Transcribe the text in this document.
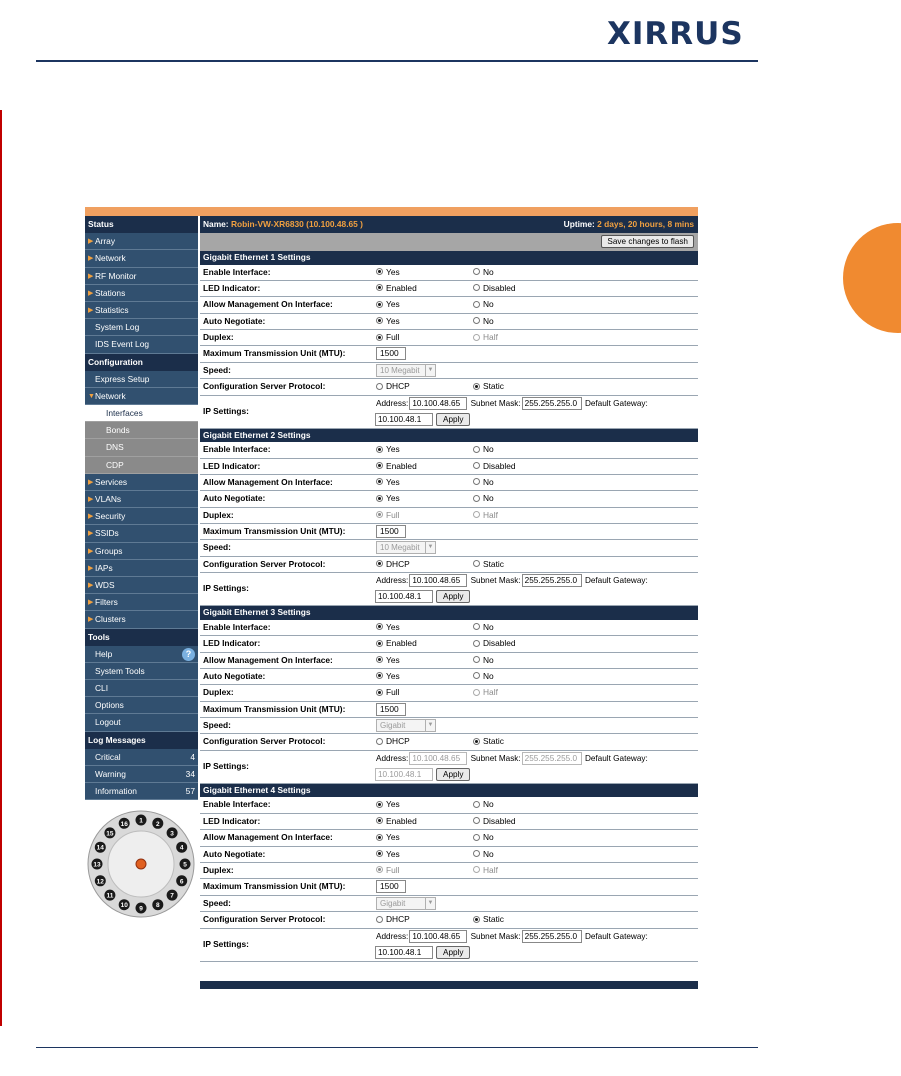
XIRRUS
Status
▶ Array
▶ Network
▶ RF Monitor
▶ Stations
▶ Statistics
System Log
IDS Event Log
Configuration
Express Setup
▼ Network
Interfaces
Bonds
DNS
CDP
▶ Services
▶ VLANs
▶ Security
▶ SSIDs
▶ Groups
▶ IAPs
▶ WDS
▶ Filters
▶ Clusters
Tools
Help	?
System Tools
CLI
Options
Logout
Log Messages
Critical	4
Warning	34
Information	57
1 2
3
4
5
6
7
8
9
10
11
12
13
14
15
16
Name: Robin-VW-XR6830 (10.100.48.65 )	Uptime: 2 days, 20 hours, 8 mins
Save changes to flash
Gigabit Ethernet 1 Settings
Enable Interface:	Yes	No
LED Indicator:	Enabled	Disabled
Allow Management On Interface:	Yes	No
Auto Negotiate:	Yes	No
Duplex:	Full	Half
Maximum Transmission Unit (MTU):	1500
Speed:	10 Megabit	▼
Configuration Server Protocol:	DHCP	Static
IP Settings:
Address: 10.100.48.65 Subnet Mask: 255.255.255.0 Default Gateway:
10.100.48.1	Apply
Gigabit Ethernet 2 Settings
Enable Interface:	Yes	No
LED Indicator:	Enabled	Disabled
Allow Management On Interface:	Yes	No
Auto Negotiate:	Yes	No
Duplex:	Full	Half
Maximum Transmission Unit (MTU):	1500
Speed:	10 Megabit	▼
Configuration Server Protocol:	DHCP	Static
IP Settings:
Address: 10.100.48.65 Subnet Mask: 255.255.255.0 Default Gateway:
10.100.48.1	Apply
Gigabit Ethernet 3 Settings
Enable Interface:	Yes	No
LED Indicator:	Enabled	Disabled
Allow Management On Interface:	Yes	No
Auto Negotiate:	Yes	No
Duplex:	Full	Half
Maximum Transmission Unit (MTU):	1500
Speed:	Gigabit	▼
Configuration Server Protocol:	DHCP	Static
IP Settings:
Address: 10.100.48.65 Subnet Mask: 255.255.255.0 Default Gateway:
10.100.48.1	Apply
Gigabit Ethernet 4 Settings
Enable Interface:	Yes	No
LED Indicator:	Enabled	Disabled
Allow Management On Interface:	Yes	No
Auto Negotiate:	Yes	No
Duplex:	Full	Half
Maximum Transmission Unit (MTU):	1500
Speed:	Gigabit	▼
Configuration Server Protocol:	DHCP	Static
IP Settings:
Address: 10.100.48.65 Subnet Mask: 255.255.255.0 Default Gateway:
10.100.48.1	Apply
